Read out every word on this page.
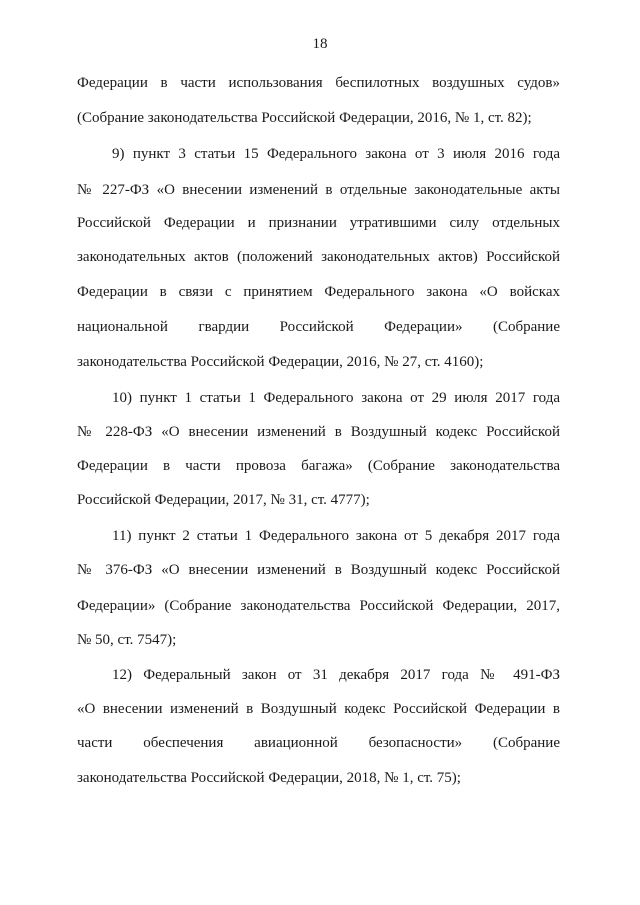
18
Федерации в части использования беспилотных воздушных судов»
(Собрание законодательства Российской Федерации, 2016, № 1, ст. 82);
9) пункт 3 статьи 15 Федерального закона от 3 июля 2016 года
№ 227-ФЗ «О внесении изменений в отдельные законодательные акты
Российской Федерации и признании утратившими силу отдельных
законодательных актов (положений законодательных актов) Российской
Федерации в связи с принятием Федерального закона «О войсках
национальной гвардии Российской Федерации» (Собрание
законодательства Российской Федерации, 2016, № 27, ст. 4160);
10) пункт 1 статьи 1 Федерального закона от 29 июля 2017 года
№ 228-ФЗ «О внесении изменений в Воздушный кодекс Российской
Федерации в части провоза багажа» (Собрание законодательства
Российской Федерации, 2017, № 31, ст. 4777);
11) пункт 2 статьи 1 Федерального закона от 5 декабря 2017 года
№ 376-ФЗ «О внесении изменений в Воздушный кодекс Российской
Федерации» (Собрание законодательства Российской Федерации, 2017,
№ 50, ст. 7547);
12) Федеральный закон от 31 декабря 2017 года № 491-ФЗ
«О внесении изменений в Воздушный кодекс Российской Федерации в
части обеспечения авиационной безопасности» (Собрание
законодательства Российской Федерации, 2018, № 1, ст. 75);
